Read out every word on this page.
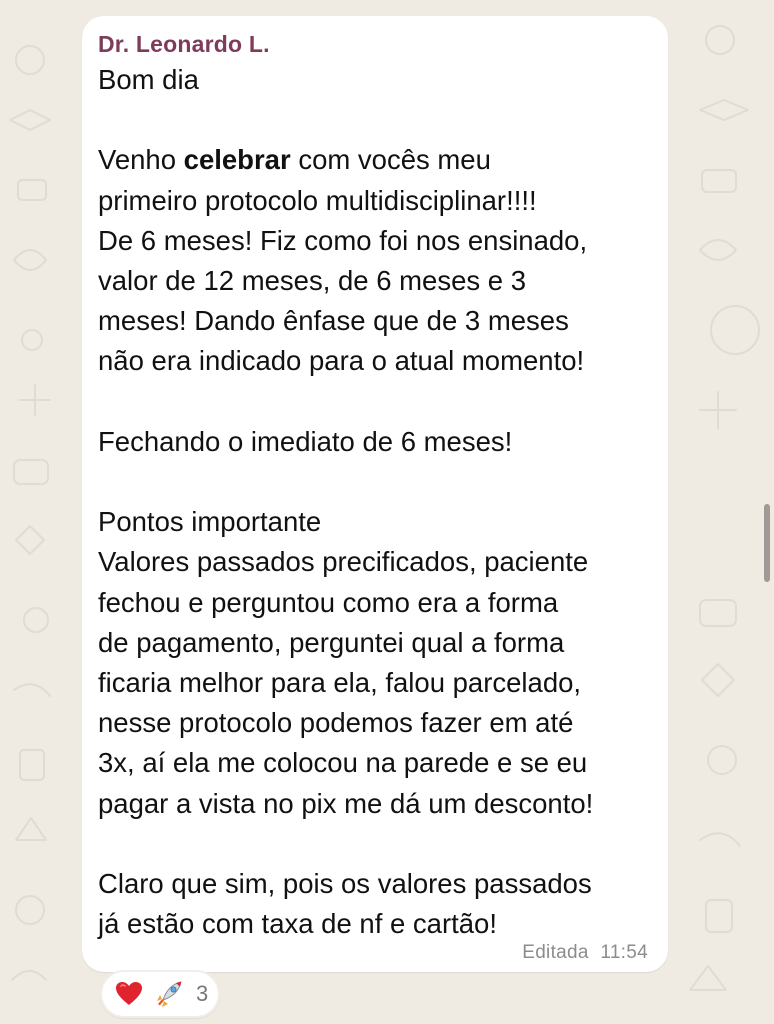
Dr. Leonardo L.

Bom dia

Venho celebrar com vocês meu

primeiro protocolo multidisciplinar!!!!

De 6 meses! Fiz como foi nos ensinado,

valor de 12 meses, de 6 meses e 3

meses! Dando ênfase que de 3 meses

não era indicado para o atual momento!

Fechando o imediato de 6 meses!

Pontos importante

Valores passados precificados, paciente

fechou e perguntou como era a forma

de pagamento, perguntei qual a forma

ficaria melhor para ela, falou parcelado,

nesse protocolo podemos fazer em até

3x, aí ela me colocou na parede e se eu

pagar a vista no pix me dá um desconto!

Claro que sim, pois os valores passados

já estão com taxa de nf e cartão!

Editada 11:54
3
